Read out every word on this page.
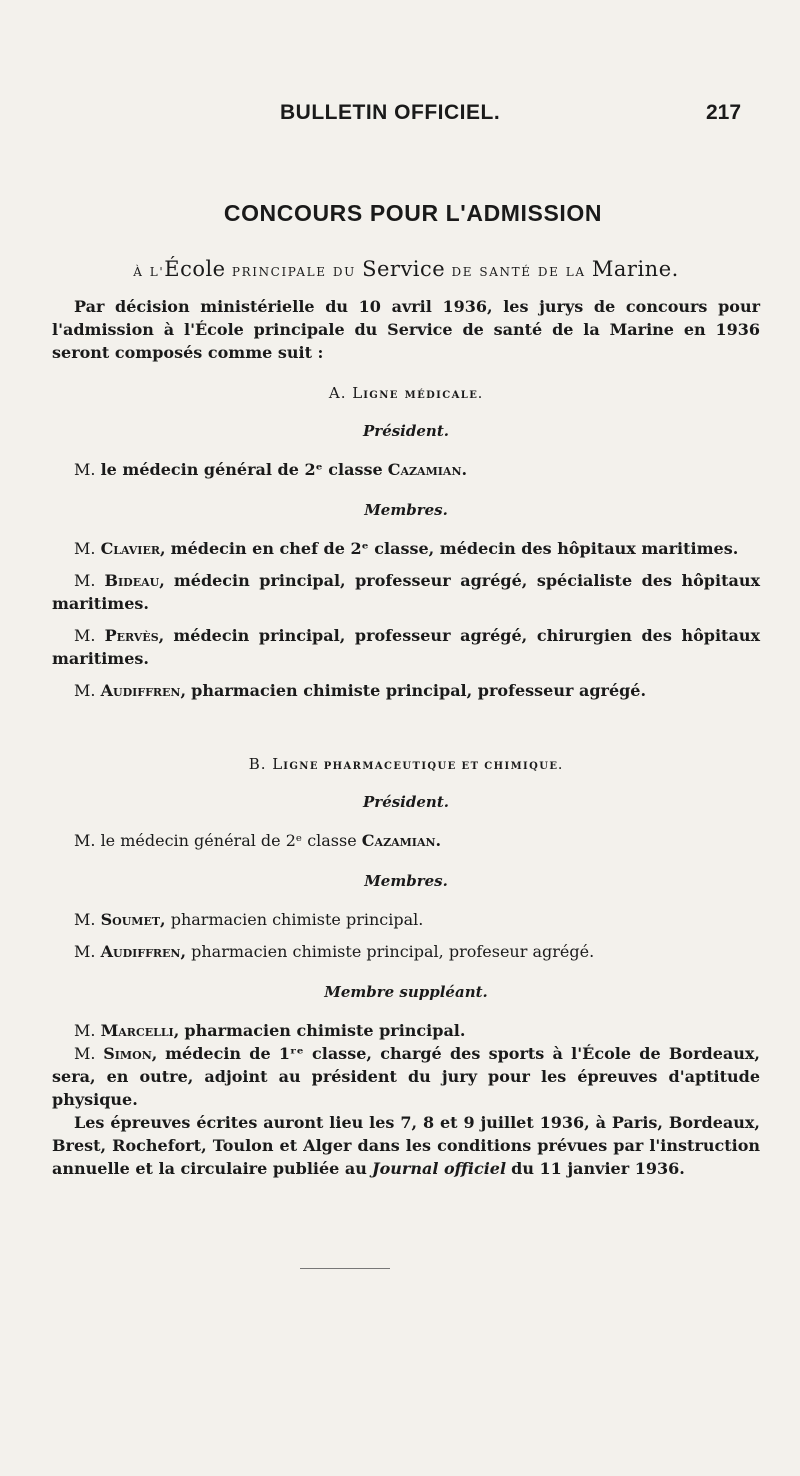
BULLETIN OFFICIEL.	217
CONCOURS POUR L'ADMISSION
À L'École PRINCIPALE DU Service DE SANTÉ DE LA Marine.

Par décision ministérielle du 10 avril 1936, les jurys de concours pour l'admission à l'École principale du Service de santé de la Marine en 1936 seront composés comme suit :

A. LIGNE MÉDICALE.
Président.
M. le médecin général de 2ᵉ classe Cazamian.
Membres.
M. Clavier, médecin en chef de 2ᵉ classe, médecin des hôpitaux maritimes.
M. Bideau, médecin principal, professeur agrégé, spécialiste des hôpitaux maritimes.
M. Pervès, médecin principal, professeur agrégé, chirurgien des hôpitaux maritimes.
M. Audiffren, pharmacien chimiste principal, professeur agrégé.
B. LIGNE PHARMACEUTIQUE ET CHIMIQUE.
Président.
M. le médecin général de 2ᵉ classe Cazamian.
Membres.
M. Soumet, pharmacien chimiste principal.
M. Audiffren, pharmacien chimiste principal, profeseur agrégé.
Membre suppléant.
M. Marcelli, pharmacien chimiste principal.
M. Simon, médecin de 1ʳᵉ classe, chargé des sports à l'École de Bordeaux, sera, en outre, adjoint au président du jury pour les épreuves d'aptitude physique.
Les épreuves écrites auront lieu les 7, 8 et 9 juillet 1936, à Paris, Bordeaux, Brest, Rochefort, Toulon et Alger dans les conditions prévues par l'instruction annuelle et la circulaire publiée au Journal officiel du 11 janvier 1936.
